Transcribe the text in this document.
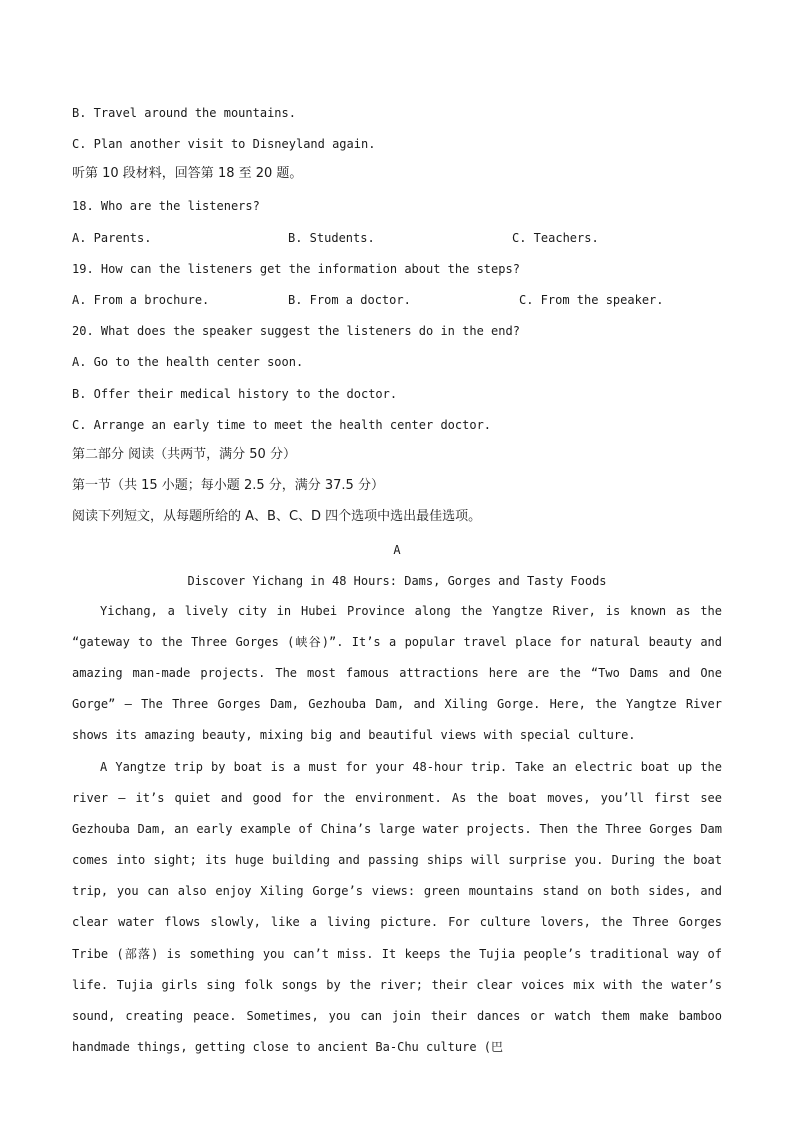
B. Travel around the mountains.

C. Plan another visit to Disneyland again.

听第 10 段材料，回答第 18 至 20 题。

18. Who are the listeners?

A. Parents.	B. Students.	C. Teachers.

19. How can the listeners get the information about the steps?

A. From a brochure.	B. From a doctor.	C. From the speaker.

20. What does the speaker suggest the listeners do in the end?

A. Go to the health center soon.

B. Offer their medical history to the doctor.

C. Arrange an early time to meet the health center doctor.

第二部分 阅读（共两节，满分 50 分）

第一节（共 15 小题；每小题 2.5 分，满分 37.5 分）

阅读下列短文，从每题所给的 A、B、C、D 四个选项中选出最佳选项。

A

Discover Yichang in 48 Hours: Dams, Gorges and Tasty Foods

Yichang, a lively city in Hubei Province along the Yangtze River, is known as the “gateway to the Three Gorges (峡谷)”. It’s a popular travel place for natural beauty and amazing man-made projects. The most famous attractions here are the “Two Dams and One Gorge” — The Three Gorges Dam, Gezhouba Dam, and Xiling Gorge. Here, the Yangtze River shows its amazing beauty, mixing big and beautiful views with special culture.

A Yangtze trip by boat is a must for your 48-hour trip. Take an electric boat up the river — it’s quiet and good for the environment. As the boat moves, you’ll first see Gezhouba Dam, an early example of China’s large water projects. Then the Three Gorges Dam comes into sight; its huge building and passing ships will surprise you. During the boat trip, you can also enjoy Xiling Gorge’s views: green mountains stand on both sides, and clear water flows slowly, like a living picture. For culture lovers, the Three Gorges Tribe (部落) is something you can’t miss. It keeps the Tujia people’s traditional way of life. Tujia girls sing folk songs by the river; their clear voices mix with the water’s sound, creating peace. Sometimes, you can join their dances or watch them make bamboo handmade things, getting close to ancient Ba-Chu culture (巴
